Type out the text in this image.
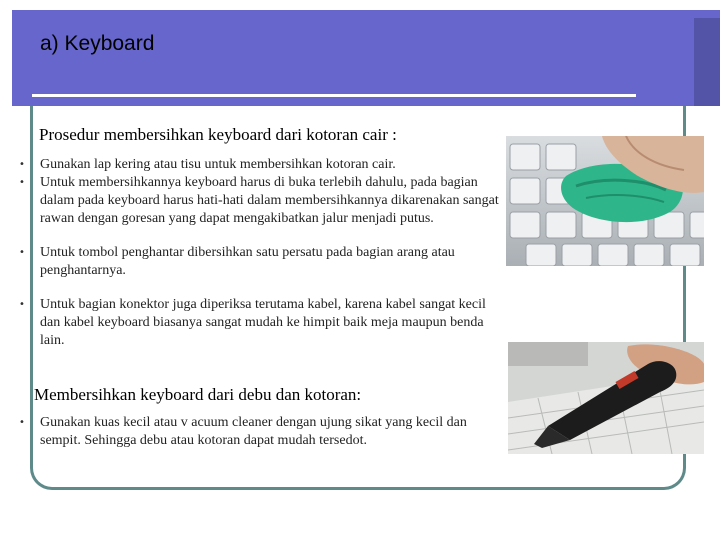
a) Keyboard
Prosedur membersihkan keyboard dari kotoran cair :
• Gunakan lap kering atau tisu untuk membersihkan kotoran cair.
• Untuk membersihkannya keyboard harus di buka terlebih dahulu, pada bagian dalam pada keyboard harus hati-hati dalam membersihkannya dikarenakan sangat rawan dengan goresan yang dapat mengakibatkan jalur menjadi putus.
• Untuk tombol penghantar dibersihkan satu persatu pada bagian arang atau penghantarnya.
• Untuk bagian konektor juga diperiksa terutama kabel, karena kabel sangat kecil dan kabel keyboard biasanya sangat mudah ke himpit baik meja maupun benda lain.
Membersihkan keyboard dari debu dan kotoran:
• Gunakan kuas kecil atau v acuum cleaner dengan ujung sikat yang kecil dan sempit. Sehingga debu atau kotoran dapat mudah tersedot.
